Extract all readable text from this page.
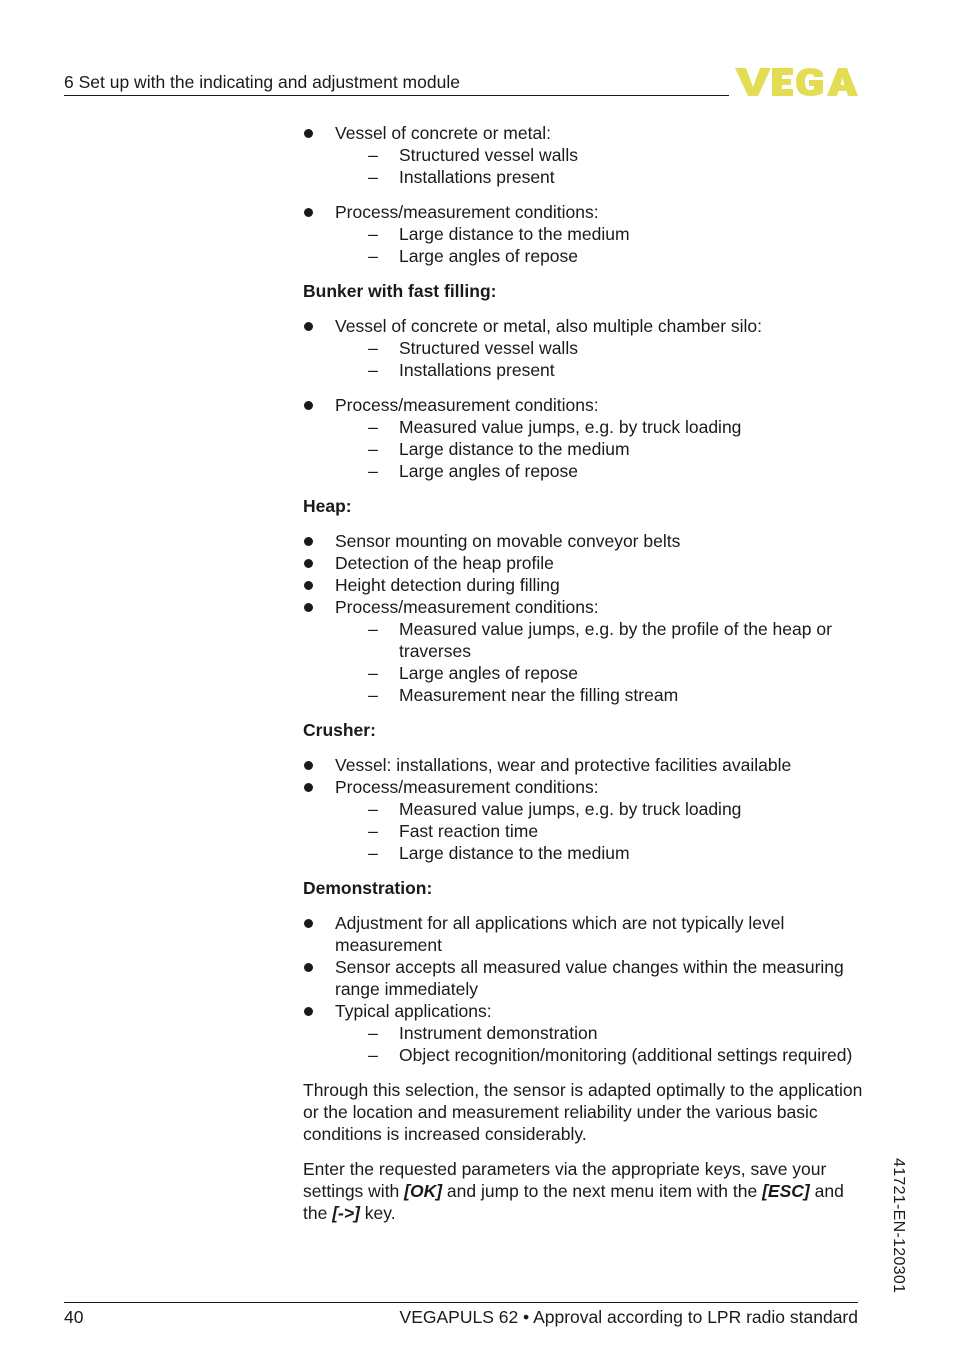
6 Set up with the indicating and adjustment module
Vessel of concrete or metal:
– Structured vessel walls
– Installations present
Process/measurement conditions:
– Large distance to the medium
– Large angles of repose
Bunker with fast filling:
Vessel of concrete or metal, also multiple chamber silo:
– Structured vessel walls
– Installations present
Process/measurement conditions:
– Measured value jumps, e.g. by truck loading
– Large distance to the medium
– Large angles of repose
Heap:
Sensor mounting on movable conveyor belts
Detection of the heap profile
Height detection during filling
Process/measurement conditions:
– Measured value jumps, e.g. by the profile of the heap or traverses
– Large angles of repose
– Measurement near the filling stream
Crusher:
Vessel: installations, wear and protective facilities available
Process/measurement conditions:
– Measured value jumps, e.g. by truck loading
– Fast reaction time
– Large distance to the medium
Demonstration:
Adjustment for all applications which are not typically level measurement
Sensor accepts all measured value changes within the measuring range immediately
Typical applications:
– Instrument demonstration
– Object recognition/monitoring (additional settings required)

Through this selection, the sensor is adapted optimally to the application or the location and measurement reliability under the various basic conditions is increased considerably.

Enter the requested parameters via the appropriate keys, save your settings with [OK] and jump to the next menu item with the [ESC] and the [->] key.	41721-EN-120301
40	VEGAPULS 62 • Approval according to LPR radio standard
